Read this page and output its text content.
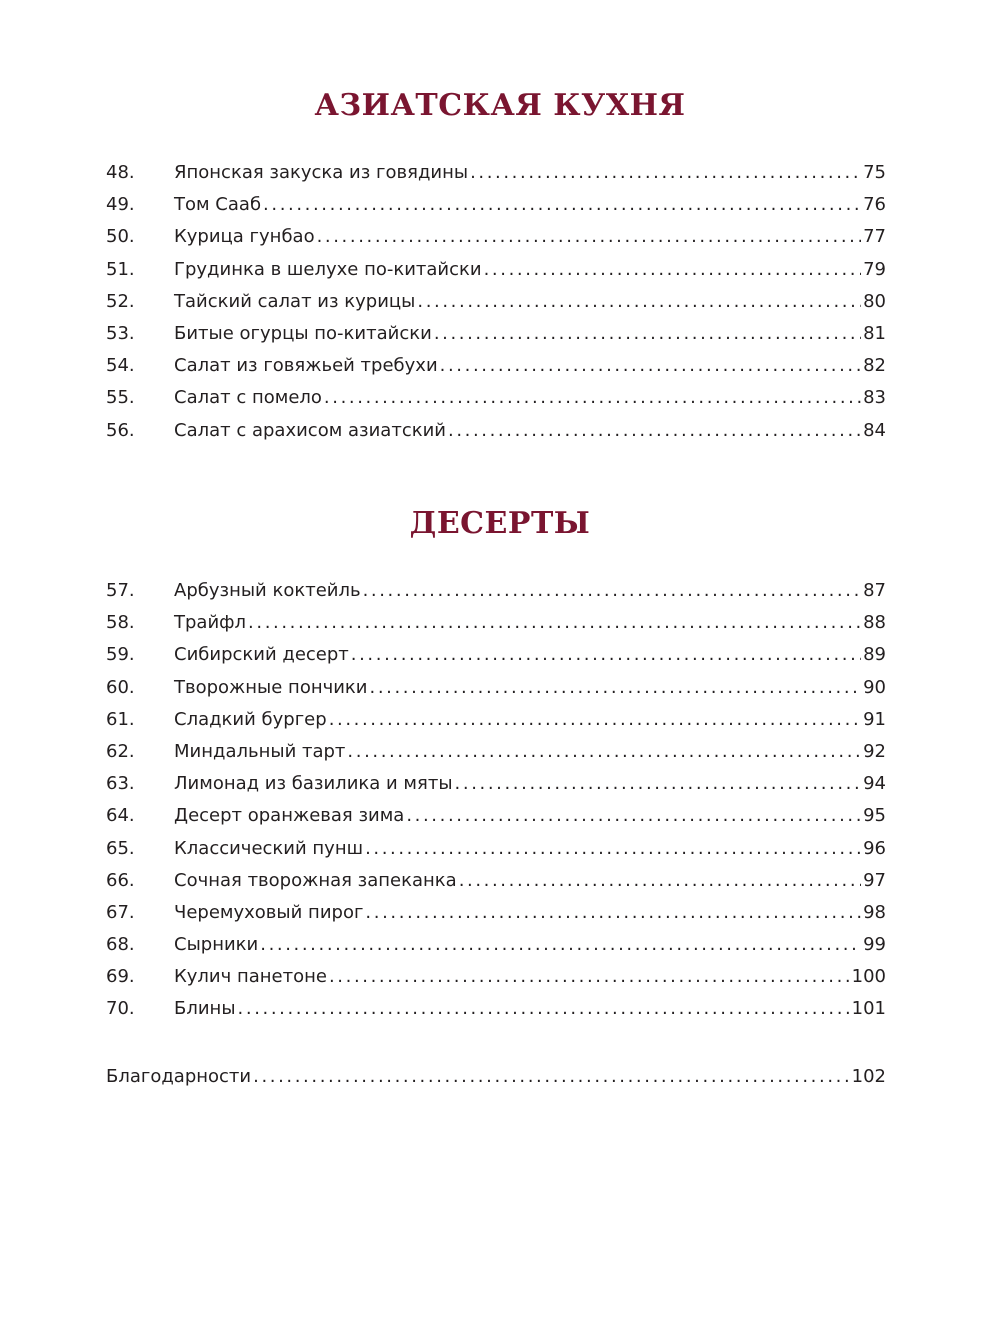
АЗИАТСКАЯ КУХНЯ
48.	Японская закуска из говядины .....	75
49.	Том Сааб .....	76
50.	Курица гунбао .....	77
51.	Грудинка в шелухе по-китайски .....	79
52.	Тайский салат из курицы .....	80
53.	Битые огурцы по-китайски .....	81
54.	Салат из говяжьей требухи .....	82
55.	Салат с помело .....	83
56.	Салат с арахисом азиатский .....	84
ДЕСЕРТЫ
57.	Арбузный коктейль .....	87
58.	Трайфл .....	88
59.	Сибирский десерт .....	89
60.	Творожные пончики .....	90
61.	Сладкий бургер .....	91
62.	Миндальный тарт .....	92
63.	Лимонад из базилика и мяты .....	94
64.	Десерт оранжевая зима .....	95
65.	Классический пунш .....	96
66.	Сочная творожная запеканка .....	97
67.	Черемуховый пирог .....	98
68.	Сырники .....	99
69.	Кулич панетоне .....	100
70.	Блины .....	101
Благодарности .....	102
